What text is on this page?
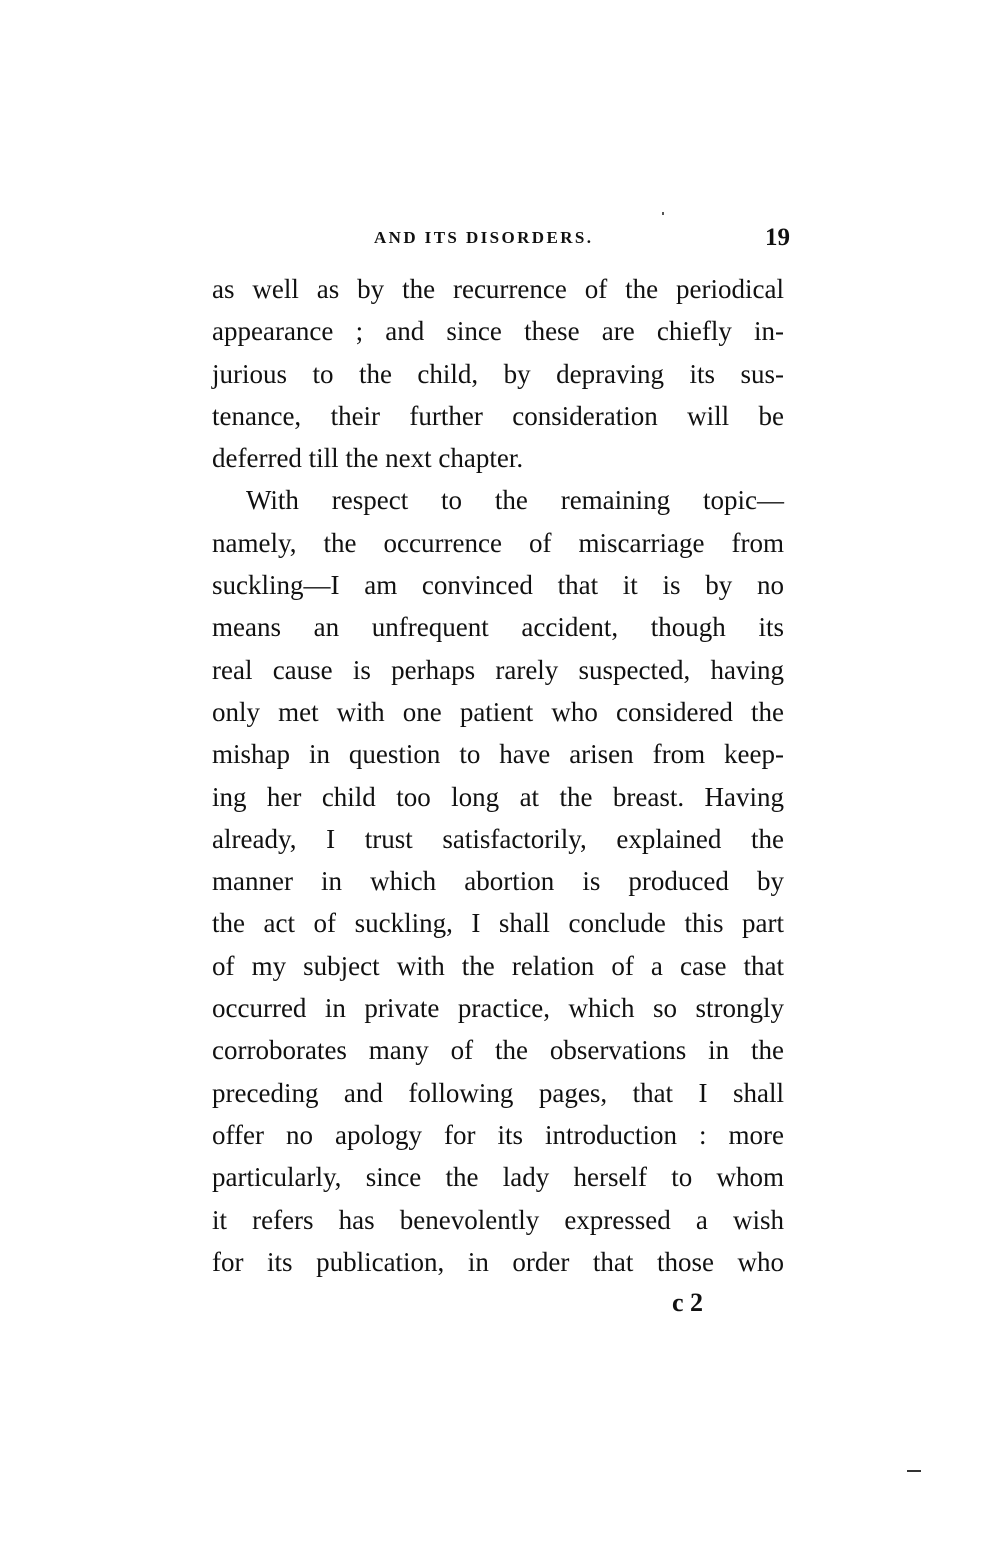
AND ITS DISORDERS.	19
as well as by the recurrence of the periodical
appearance ; and since these are chiefly in-
jurious to the child, by depraving its sus-
tenance, their further consideration will be
deferred till the next chapter.
With respect to the remaining topic—
namely, the occurrence of miscarriage from
suckling—I am convinced that it is by no
means an unfrequent accident, though its
real cause is perhaps rarely suspected, having
only met with one patient who considered the
mishap in question to have arisen from keep-
ing her child too long at the breast. Having
already, I trust satisfactorily, explained the
manner in which abortion is produced by
the act of suckling, I shall conclude this part
of my subject with the relation of a case that
occurred in private practice, which so strongly
corroborates many of the observations in the
preceding and following pages, that I shall
offer no apology for its introduction : more
particularly, since the lady herself to whom
it refers has benevolently expressed a wish
for its publication, in order that those who
c 2
